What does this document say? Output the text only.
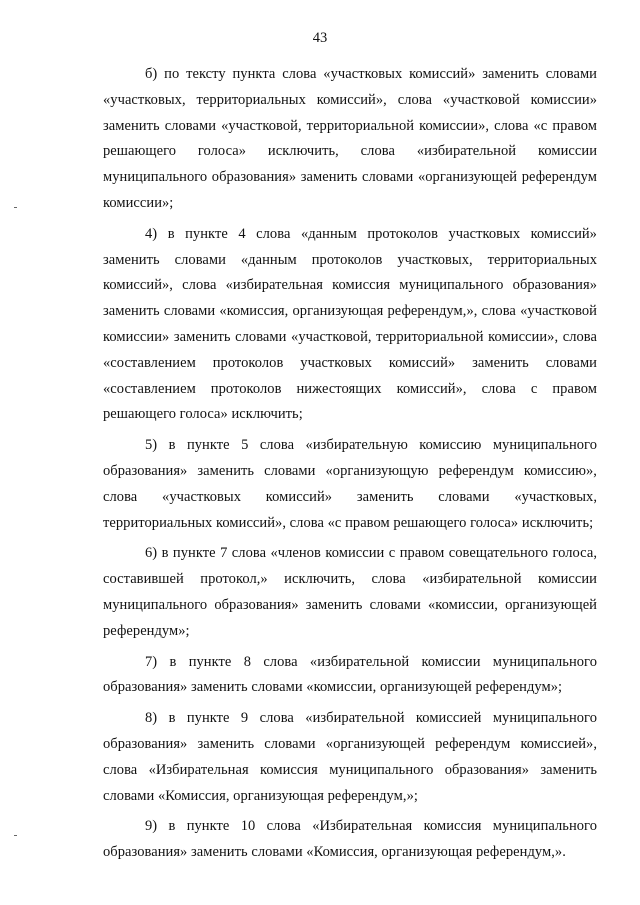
43

б) по тексту пункта слова «участковых комиссий» заменить словами «участковых, территориальных комиссий», слова «участковой комиссии» заменить словами «участковой, территориальной комиссии», слова «с правом решающего голоса» исключить, слова «избирательной комиссии муниципального образования» заменить словами «организующей референдум комиссии»;

4) в пункте 4 слова «данным протоколов участковых комиссий» заменить словами «данным протоколов участковых, территориальных комиссий», слова «избирательная комиссия муниципального образования» заменить словами «комиссия, организующая референдум,», слова «участковой комиссии» заменить словами «участковой, территориальной комиссии», слова «составлением протоколов участковых комиссий» заменить словами «составлением протоколов нижестоящих комиссий», слова с правом решающего голоса» исключить;

5) в пункте 5 слова «избирательную комиссию муниципального образования» заменить словами «организующую референдум комиссию», слова «участковых комиссий» заменить словами «участковых, территориальных комиссий», слова «с правом решающего голоса» исключить;

6) в пункте 7 слова «членов комиссии с правом совещательного голоса, составившей протокол,» исключить, слова «избирательной комиссии муниципального образования» заменить словами «комиссии, организующей референдум»;

7) в пункте 8 слова «избирательной комиссии муниципального образования» заменить словами «комиссии, организующей референдум»;

8) в пункте 9 слова «избирательной комиссией муниципального образования» заменить словами «организующей референдум комиссией», слова «Избирательная комиссия муниципального образования» заменить словами «Комиссия, организующая референдум,»;

9) в пункте 10 слова «Избирательная комиссия муниципального образования» заменить словами «Комиссия, организующая референдум,».
